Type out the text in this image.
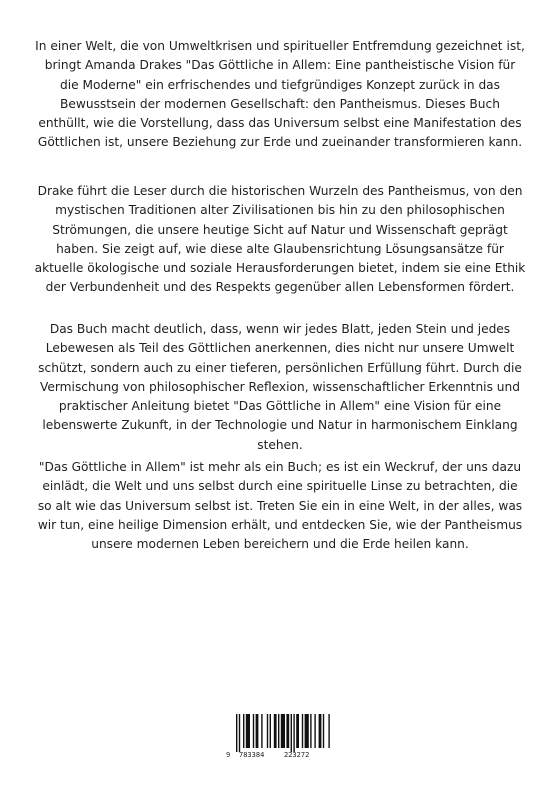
In einer Welt, die von Umweltkrisen und spiritueller Entfremdung gezeichnet ist, bringt Amanda Drakes "Das Göttliche in Allem: Eine pantheistische Vision für die Moderne" ein erfrischendes und tiefgründiges Konzept zurück in das Bewusstsein der modernen Gesellschaft: den Pantheismus. Dieses Buch enthüllt, wie die Vorstellung, dass das Universum selbst eine Manifestation des Göttlichen ist, unsere Beziehung zur Erde und zueinander transformieren kann.

Drake führt die Leser durch die historischen Wurzeln des Pantheismus, von den mystischen Traditionen alter Zivilisationen bis hin zu den philosophischen Strömungen, die unsere heutige Sicht auf Natur und Wissenschaft geprägt haben. Sie zeigt auf, wie diese alte Glaubensrichtung Lösungsansätze für aktuelle ökologische und soziale Herausforderungen bietet, indem sie eine Ethik der Verbundenheit und des Respekts gegenüber allen Lebensformen fördert.

Das Buch macht deutlich, dass, wenn wir jedes Blatt, jeden Stein und jedes Lebewesen als Teil des Göttlichen anerkennen, dies nicht nur unsere Umwelt schützt, sondern auch zu einer tieferen, persönlichen Erfüllung führt. Durch die Vermischung von philosophischer Reflexion, wissenschaftlicher Erkenntnis und praktischer Anleitung bietet "Das Göttliche in Allem" eine Vision für eine lebenswerte Zukunft, in der Technologie und Natur in harmonischem Einklang stehen.

"Das Göttliche in Allem" ist mehr als ein Buch; es ist ein Weckruf, der uns dazu einlädt, die Welt und uns selbst durch eine spirituelle Linse zu betrachten, die so alt wie das Universum selbst ist. Treten Sie ein in eine Welt, in der alles, was wir tun, eine heilige Dimension erhält, und entdecken Sie, wie der Pantheismus unsere modernen Leben bereichern und die Erde heilen kann.

9 783384	223272
